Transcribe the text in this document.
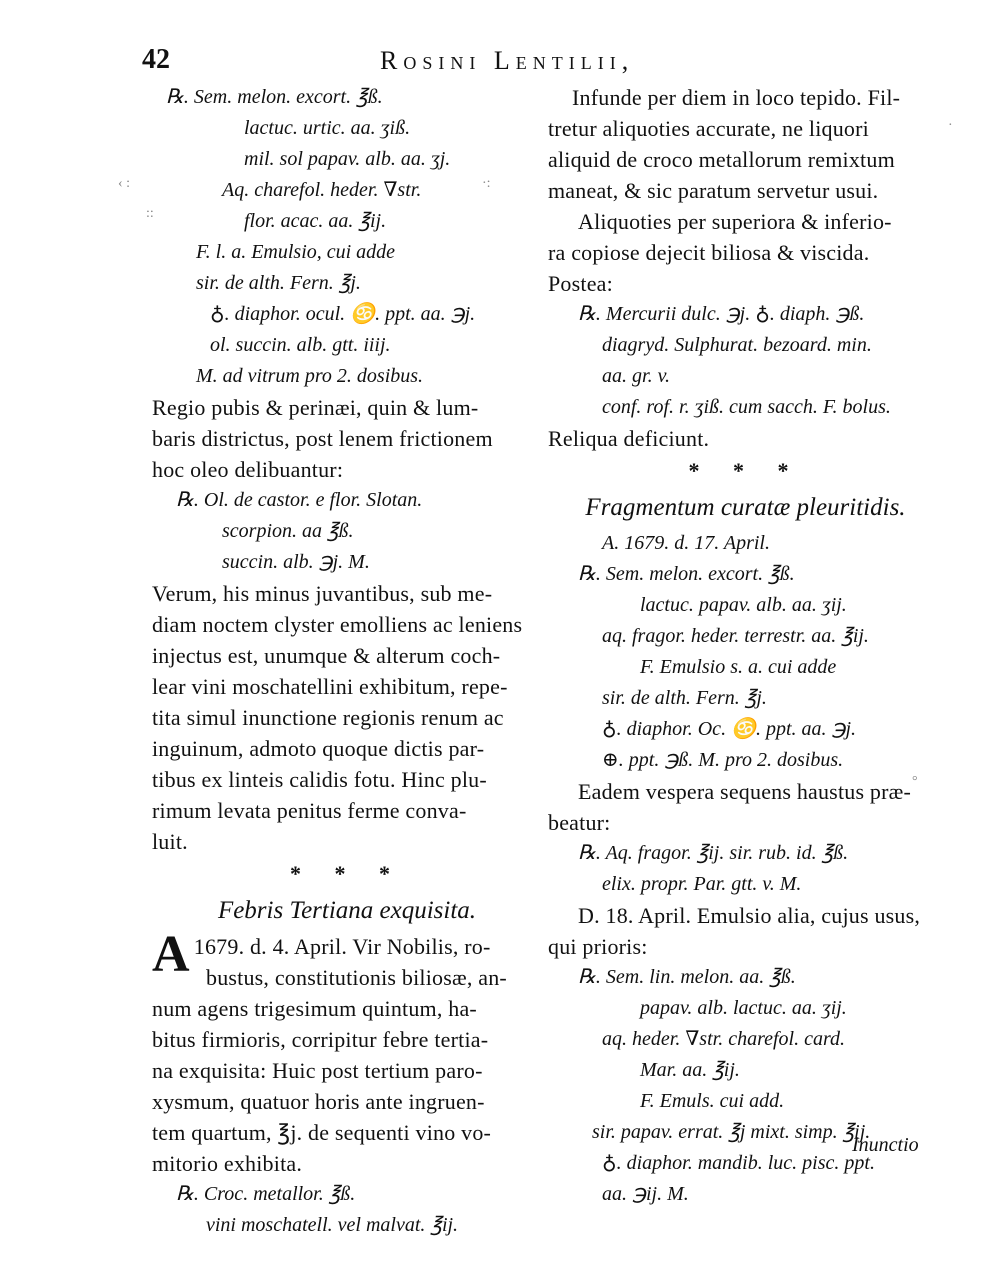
42	Rosini Lentilii,
℞. Sem. melon. excort. ℥ß.
lactuc. urtic. aa. ʒiß.
mil. sol papav. alb. aa. ʒj.
Aq. charefol. heder. ∇str.
flor. acac. aa. ℥ij.
F. l. a. Emulsio, cui adde
sir. de alth. Fern. ℥j.
♁. diaphor. ocul. ♋. ppt. aa. ℈j.
ol. succin. alb. gtt. iiij.
M. ad vitrum pro 2. dosibus.
Regio pubis & perinæi, quin & lum-
baris districtus, post lenem frictionem
hoc oleo delibuantur:
℞. Ol. de castor. e flor. Slotan.
scorpion. aa ℥ß.
succin. alb. ℈j. M.
Verum, his minus juvantibus, sub me-
diam noctem clyster emolliens ac leniens
injectus est, unumque & alterum coch-
lear vini moschatellini exhibitum, repe-
tita simul inunctione regionis renum ac
inguinum, admoto quoque dictis par-
tibus ex linteis calidis fotu. Hinc plu-
rimum levata penitus ferme conva-
luit.
* * *
Febris Tertiana exquisita.
A 1679. d. 4. April. Vir Nobilis, ro-
bustus, constitutionis biliosæ, an-
num agens trigesimum quintum, ha-
bitus firmioris, corripitur febre tertia-
na exquisita: Huic post tertium paro-
xysmum, quatuor horis ante ingruen-
tem quartum, ℥j. de sequenti vino vo-
mitorio exhibita.
℞. Croc. metallor. ℥ß.
vini moschatell. vel malvat. ℥ij.
Infunde per diem in loco tepido. Fil-
tretur aliquoties accurate, ne liquori
aliquid de croco metallorum remixtum
maneat, & sic paratum servetur usui.
Aliquoties per superiora & inferio-
ra copiose dejecit biliosa & viscida.
Postea:
℞. Mercurii dulc. ℈j. ♁. diaph. ℈ß.
diagryd. Sulphurat. bezoard. min.
aa. gr. v.
conf. rof. r. ʒiß. cum sacch. F. bolus.
Reliqua deficiunt.
* * *
Fragmentum curatæ pleuritidis.
A. 1679. d. 17. April.
℞. Sem. melon. excort. ℥ß.
lactuc. papav. alb. aa. ʒij.
aq. fragor. heder. terrestr. aa. ℥ij.
F. Emulsio s. a. cui adde
sir. de alth. Fern. ℥j.
♁. diaphor. Oc. ♋. ppt. aa. ℈j.
⊕. ppt. ℈ß. M. pro 2. dosibus.
Eadem vespera sequens haustus præ-
beatur:
℞. Aq. fragor. ℥ij. sir. rub. id. ℥ß.
elix. propr. Par. gtt. v. M.
D. 18. April. Emulsio alia, cujus usus,
qui prioris:
℞. Sem. lin. melon. aa. ℥ß.
papav. alb. lactuc. aa. ʒij.
aq. heder. ∇str. charefol. card.
Mar. aa. ℥ij.
F. Emuls. cui add.
sir. papav. errat. ℥j mixt. simp. ℥ij.
♁. diaphor. mandib. luc. pisc. ppt.
aa. ℈ij. M.
Inunctio
‹ :	·:
::
·
°
